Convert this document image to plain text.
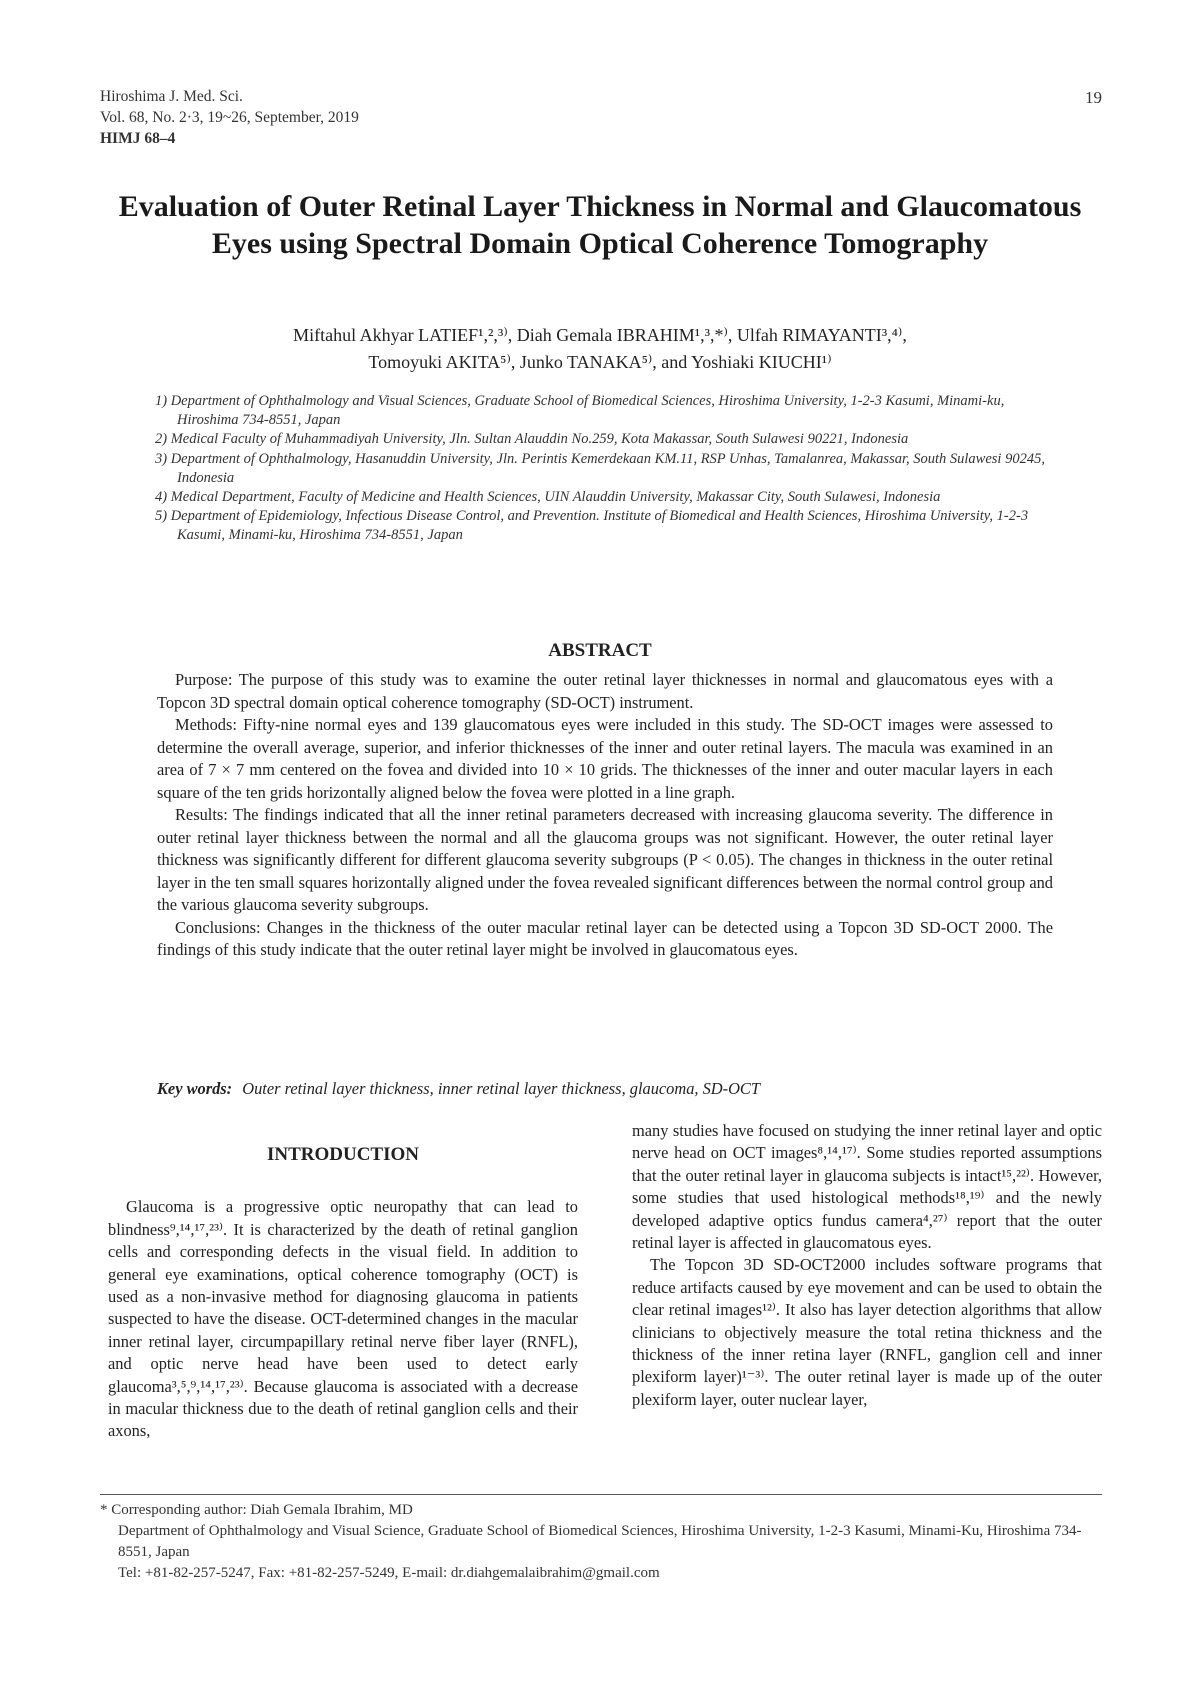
Hiroshima J. Med. Sci.
Vol. 68, No. 2·3, 19~26, September, 2019
HIMJ 68–4
19
Evaluation of Outer Retinal Layer Thickness in Normal and Glaucomatous Eyes using Spectral Domain Optical Coherence Tomography
Miftahul Akhyar LATIEF¹,²,³⁾, Diah Gemala IBRAHIM¹,³,*⁾, Ulfah RIMAYANTI³,⁴⁾,
Tomoyuki AKITA⁵⁾, Junko TANAKA⁵⁾, and Yoshiaki KIUCHI¹⁾
1) Department of Ophthalmology and Visual Sciences, Graduate School of Biomedical Sciences, Hiroshima University, 1-2-3 Kasumi, Minami-ku, Hiroshima 734-8551, Japan
2) Medical Faculty of Muhammadiyah University, Jln. Sultan Alauddin No.259, Kota Makassar, South Sulawesi 90221, Indonesia
3) Department of Ophthalmology, Hasanuddin University, Jln. Perintis Kemerdekaan KM.11, RSP Unhas, Tamalanrea, Makassar, South Sulawesi 90245, Indonesia
4) Medical Department, Faculty of Medicine and Health Sciences, UIN Alauddin University, Makassar City, South Sulawesi, Indonesia
5) Department of Epidemiology, Infectious Disease Control, and Prevention. Institute of Biomedical and Health Sciences, Hiroshima University, 1-2-3 Kasumi, Minami-ku, Hiroshima 734-8551, Japan
ABSTRACT

Purpose: The purpose of this study was to examine the outer retinal layer thicknesses in normal and glaucomatous eyes with a Topcon 3D spectral domain optical coherence tomography (SD-OCT) instrument.

Methods: Fifty-nine normal eyes and 139 glaucomatous eyes were included in this study. The SD-OCT images were assessed to determine the overall average, superior, and inferior thicknesses of the inner and outer retinal layers. The macula was examined in an area of 7 × 7 mm centered on the fovea and divided into 10 × 10 grids. The thicknesses of the inner and outer macular layers in each square of the ten grids horizontally aligned below the fovea were plotted in a line graph.

Results: The findings indicated that all the inner retinal parameters decreased with increasing glaucoma severity. The difference in outer retinal layer thickness between the normal and all the glaucoma groups was not significant. However, the outer retinal layer thickness was significantly different for different glaucoma severity subgroups (P < 0.05). The changes in thickness in the outer retinal layer in the ten small squares horizontally aligned under the fovea revealed significant differences between the normal control group and the various glaucoma severity subgroups.

Conclusions: Changes in the thickness of the outer macular retinal layer can be detected using a Topcon 3D SD-OCT 2000. The findings of this study indicate that the outer retinal layer might be involved in glaucomatous eyes.

Key words: Outer retinal layer thickness, inner retinal layer thickness, glaucoma, SD-OCT
INTRODUCTION

Glaucoma is a progressive optic neuropathy that can lead to blindness⁹,¹⁴,¹⁷,²³⁾. It is characterized by the death of retinal ganglion cells and corresponding defects in the visual field. In addition to general eye examinations, optical coherence tomography (OCT) is used as a non-invasive method for diagnosing glaucoma in patients suspected to have the disease. OCT-determined changes in the macular inner retinal layer, circumpapillary retinal nerve fiber layer (RNFL), and optic nerve head have been used to detect early glaucoma³,⁵,⁹,¹⁴,¹⁷,²³⁾. Because glaucoma is associated with a decrease in macular thickness due to the death of retinal ganglion cells and their axons,

many studies have focused on studying the inner retinal layer and optic nerve head on OCT images⁸,¹⁴,¹⁷⁾. Some studies reported assumptions that the outer retinal layer in glaucoma subjects is intact¹⁵,²²⁾. However, some studies that used histological methods¹⁸,¹⁹⁾ and the newly developed adaptive optics fundus camera⁴,²⁷⁾ report that the outer retinal layer is affected in glaucomatous eyes.

The Topcon 3D SD-OCT2000 includes software programs that reduce artifacts caused by eye movement and can be used to obtain the clear retinal images¹²⁾. It also has layer detection algorithms that allow clinicians to objectively measure the total retina thickness and the thickness of the inner retina layer (RNFL, ganglion cell and inner plexiform layer)¹⁻³⁾. The outer retinal layer is made up of the outer plexiform layer, outer nuclear layer,

* Corresponding author: Diah Gemala Ibrahim, MD
Department of Ophthalmology and Visual Science, Graduate School of Biomedical Sciences, Hiroshima University, 1-2-3 Kasumi, Minami-Ku, Hiroshima 734-8551, Japan
Tel: +81-82-257-5247, Fax: +81-82-257-5249, E-mail: dr.diahgemalaibrahim@gmail.com
